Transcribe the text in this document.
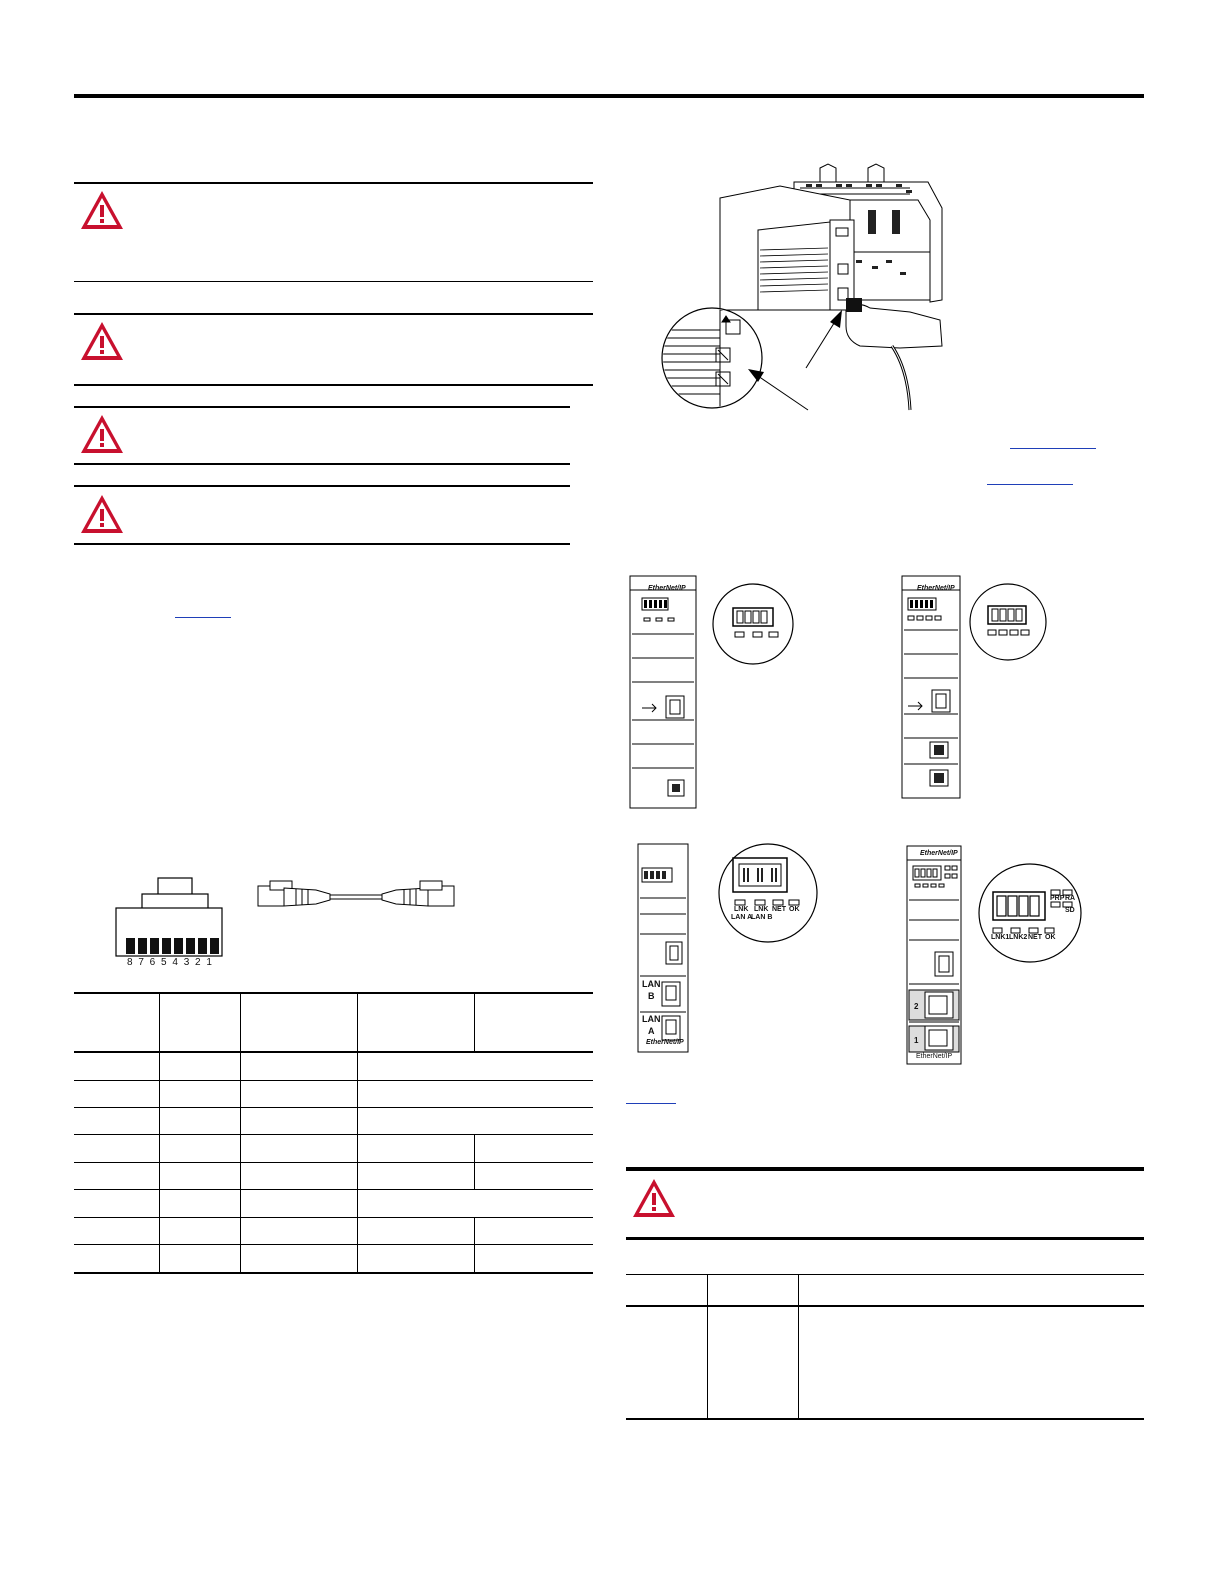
8 7 6 5 4 3 2 1
EtherNet/IP	EtherNet/IP
LAN
B
LAN
A
EtherNet/IP
LNK LNK NET OK
LAN A
LAN B
2
1
EtherNet/IP
EtherNet/IP
PRP RA
SD
LNK1 LNK2 NET OK
